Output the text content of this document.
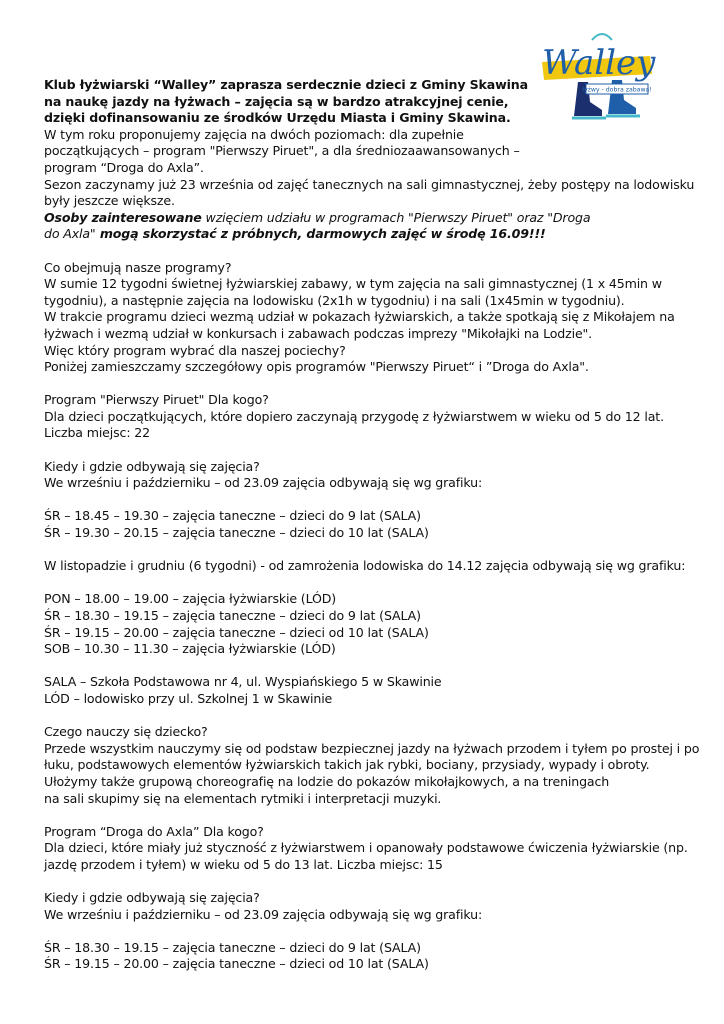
łyżwy - dobra zabawa!
Walley
Klub łyżwiarski “Walley” zaprasza serdecznie dzieci z Gminy Skawina
na naukę jazdy na łyżwach – zajęcia są w bardzo atrakcyjnej cenie,
dzięki dofinansowaniu ze środków Urzędu Miasta i Gminy Skawina.
W tym roku proponujemy zajęcia na dwóch poziomach: dla zupełnie
początkujących – program "Pierwszy Piruet", a dla średniozaawansowanych –
program “Droga do Axla”.
Sezon zaczynamy już 23 września od zajęć tanecznych na sali gimnastycznej, żeby postępy na lodowisku
były jeszcze większe.
Osoby zainteresowane wzięciem udziału w programach "Pierwszy Piruet" oraz "Droga
do Axla" mogą skorzystać z próbnych, darmowych zajęć w środę 16.09!!!
Co obejmują nasze programy?
W sumie 12 tygodni świetnej łyżwiarskiej zabawy, w tym zajęcia na sali gimnastycznej (1 x 45min w
tygodniu), a następnie zajęcia na lodowisku (2x1h w tygodniu) i na sali (1x45min w tygodniu).
W trakcie programu dzieci wezmą udział w pokazach łyżwiarskich, a także spotkają się z Mikołajem na
łyżwach i wezmą udział w konkursach i zabawach podczas imprezy "Mikołajki na Lodzie".
Więc który program wybrać dla naszej pociechy?
Poniżej zamieszczamy szczegółowy opis programów "Pierwszy Piruet“ i ”Droga do Axla".
Program "Pierwszy Piruet" Dla kogo?
Dla dzieci początkujących, które dopiero zaczynają przygodę z łyżwiarstwem w wieku od 5 do 12 lat.
Liczba miejsc: 22
Kiedy i gdzie odbywają się zajęcia?
We wrześniu i październiku – od 23.09 zajęcia odbywają się wg grafiku:
ŚR – 18.45 – 19.30 – zajęcia taneczne – dzieci do 9 lat (SALA)
ŚR – 19.30 – 20.15 – zajęcia taneczne – dzieci do 10 lat (SALA)
W listopadzie i grudniu (6 tygodni) - od zamrożenia lodowiska do 14.12 zajęcia odbywają się wg grafiku:
PON – 18.00 – 19.00 – zajęcia łyżwiarskie (LÓD)
ŚR – 18.30 – 19.15 – zajęcia taneczne – dzieci do 9 lat (SALA)
ŚR – 19.15 – 20.00 – zajęcia taneczne – dzieci od 10 lat (SALA)
SOB – 10.30 – 11.30 – zajęcia łyżwiarskie (LÓD)
SALA – Szkoła Podstawowa nr 4, ul. Wyspiańskiego 5 w Skawinie
LÓD – lodowisko przy ul. Szkolnej 1 w Skawinie
Czego nauczy się dziecko?
Przede wszystkim nauczymy się od podstaw bezpiecznej jazdy na łyżwach przodem i tyłem po prostej i po
łuku, podstawowych elementów łyżwiarskich takich jak rybki, bociany, przysiady, wypady i obroty.
Ułożymy także grupową choreografię na lodzie do pokazów mikołajkowych, a na treningach
na sali skupimy się na elementach rytmiki i interpretacji muzyki.
Program “Droga do Axla” Dla kogo?
Dla dzieci, które miały już styczność z łyżwiarstwem i opanowały podstawowe ćwiczenia łyżwiarskie (np.
jazdę przodem i tyłem) w wieku od 5 do 13 lat. Liczba miejsc: 15
Kiedy i gdzie odbywają się zajęcia?
We wrześniu i październiku – od 23.09 zajęcia odbywają się wg grafiku:
ŚR – 18.30 – 19.15 – zajęcia taneczne – dzieci do 9 lat (SALA)
ŚR – 19.15 – 20.00 – zajęcia taneczne – dzieci od 10 lat (SALA)
